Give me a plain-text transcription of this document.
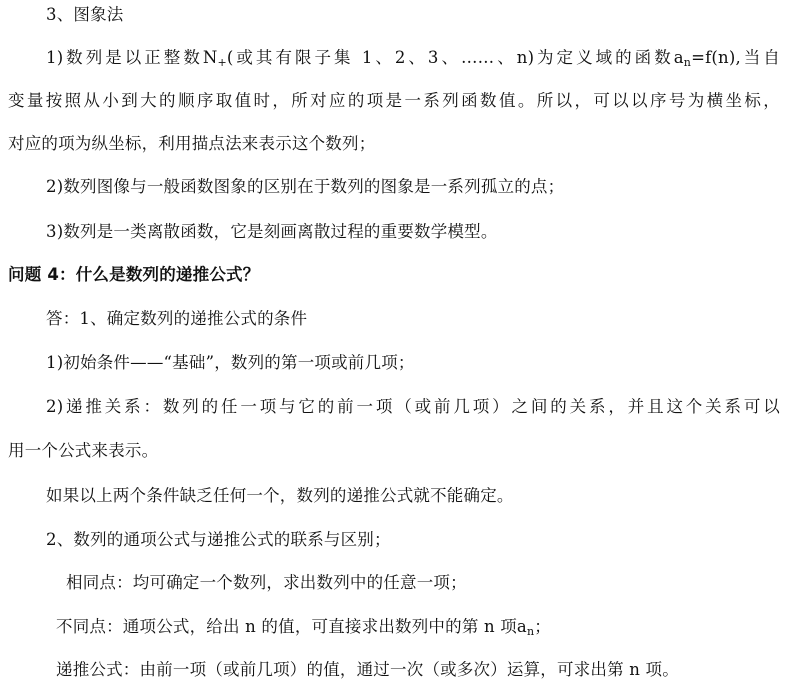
3、图象法
1)数列是以正整数$N_+$(或其有限子集 1、2、3、……、n)为定义域的函数$a_n=f(n)$,当自
变量按照从小到大的顺序取值时，所对应的项是一系列函数值。所以，可以以序号为横坐标，
对应的项为纵坐标，利用描点法来表示这个数列；
2)数列图像与一般函数图象的区别在于数列的图象是一系列孤立的点；
3)数列是一类离散函数，它是刻画离散过程的重要数学模型。
问题 4：什么是数列的递推公式？
答：1、确定数列的递推公式的条件
1)初始条件——“基础”，数列的第一项或前几项；
2)递推关系：数列的任一项与它的前一项（或前几项）之间的关系，并且这个关系可以
用一个公式来表示。
如果以上两个条件缺乏任何一个，数列的递推公式就不能确定。
2、数列的通项公式与递推公式的联系与区别；
相同点：均可确定一个数列，求出数列中的任意一项；
不同点：通项公式，给出 n 的值，可直接求出数列中的第 n 项$a_n$；
递推公式：由前一项（或前几项）的值，通过一次（或多次）运算，可求出第 n 项。
